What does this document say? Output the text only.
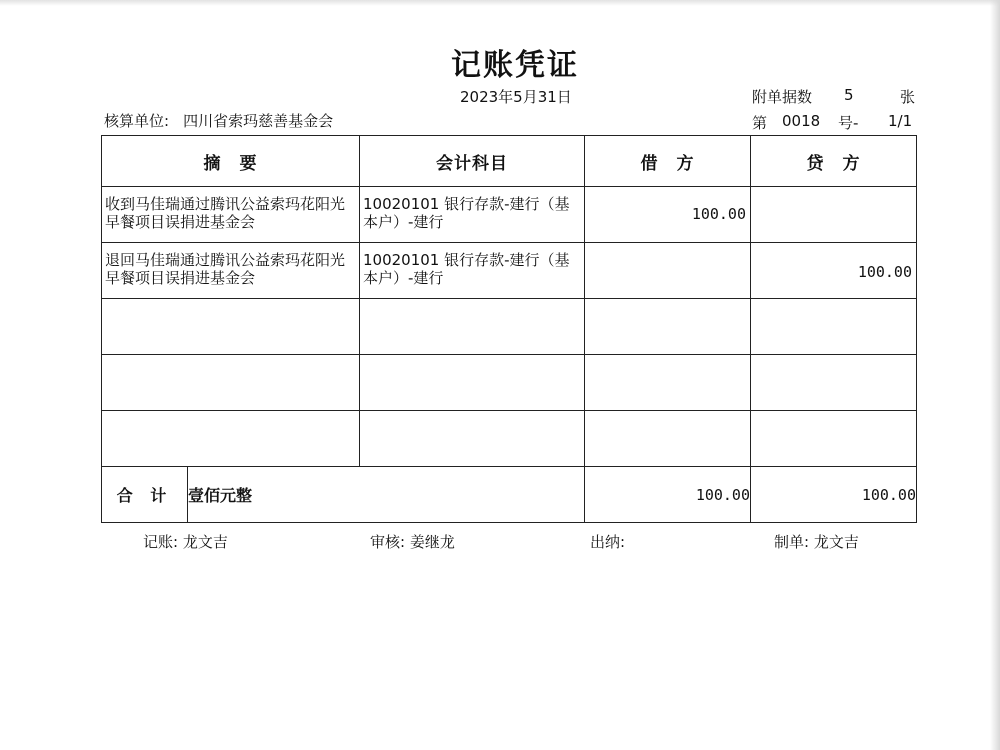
记账凭证
2023年5月31日	附单据数 5	张
核算单位: 四川省索玛慈善基金会	第 0018 号- 1/1
摘　要		会计科目	借　方	贷　方

收到马佳瑞通过腾讯公益索玛花阳光早餐项目误捐进基金会		10020101 银行存款-建行（基本户）-建行	100.00	

退回马佳瑞通过腾讯公益索玛花阳光早餐项目误捐进基金会		10020101 银行存款-建行（基本户）-建行		100.00

合 计	壹佰元整		100.00	100.00
记账: 龙文吉	审核: 姜继龙	出纳:	制单: 龙文吉
